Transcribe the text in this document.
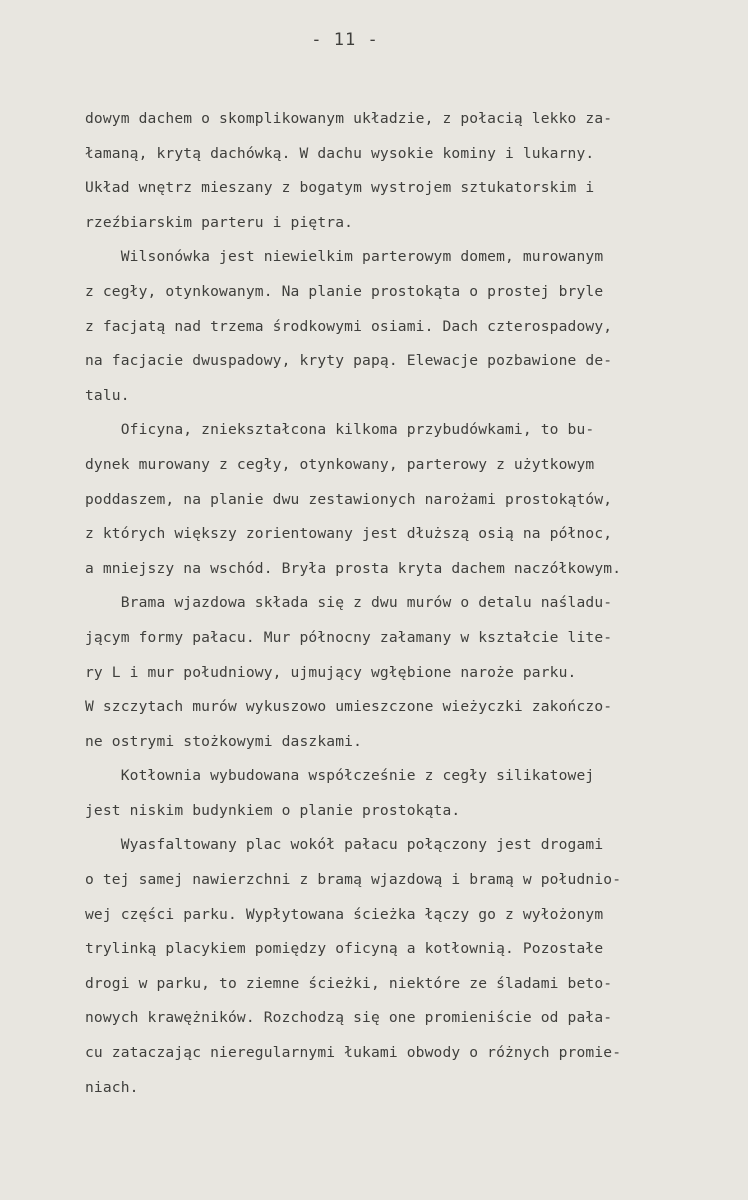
- 11 -
dowym dachem o skomplikowanym układzie, z połacią lekko za-
łamaną, krytą dachówką. W dachu wysokie kominy i lukarny.
Układ wnętrz mieszany z bogatym wystrojem sztukatorskim i
rzeźbiarskim parteru i piętra.
Wilsonówka jest niewielkim parterowym domem, murowanym
z cegły, otynkowanym. Na planie prostokąta o prostej bryle
z facjatą nad trzema środkowymi osiami. Dach czterospadowy,
na facjacie dwuspadowy, kryty papą. Elewacje pozbawione de-
talu.
Oficyna, zniekształcona kilkoma przybudówkami, to bu-
dynek murowany z cegły, otynkowany, parterowy z użytkowym
poddaszem, na planie dwu zestawionych narożami prostokątów,
z których większy zorientowany jest dłuższą osią na północ,
a mniejszy na wschód. Bryła prosta kryta dachem naczółkowym.
Brama wjazdowa składa się z dwu murów o detalu naśladu-
jącym formy pałacu. Mur północny załamany w kształcie lite-
ry L i mur południowy, ujmujący wgłębione naroże parku.
W szczytach murów wykuszowo umieszczone wieżyczki zakończo-
ne ostrymi stożkowymi daszkami.
Kotłownia wybudowana współcześnie z cegły silikatowej
jest niskim budynkiem o planie prostokąta.
Wyasfaltowany plac wokół pałacu połączony jest drogami
o tej samej nawierzchni z bramą wjazdową i bramą w południo-
wej części parku. Wypłytowana ścieżka łączy go z wyłożonym
trylinką placykiem pomiędzy oficyną a kotłownią. Pozostałe
drogi w parku, to ziemne ścieżki, niektóre ze śladami beto-
nowych krawężników. Rozchodzą się one promieniście od pała-
cu zataczając nieregularnymi łukami obwody o różnych promie-
niach.
